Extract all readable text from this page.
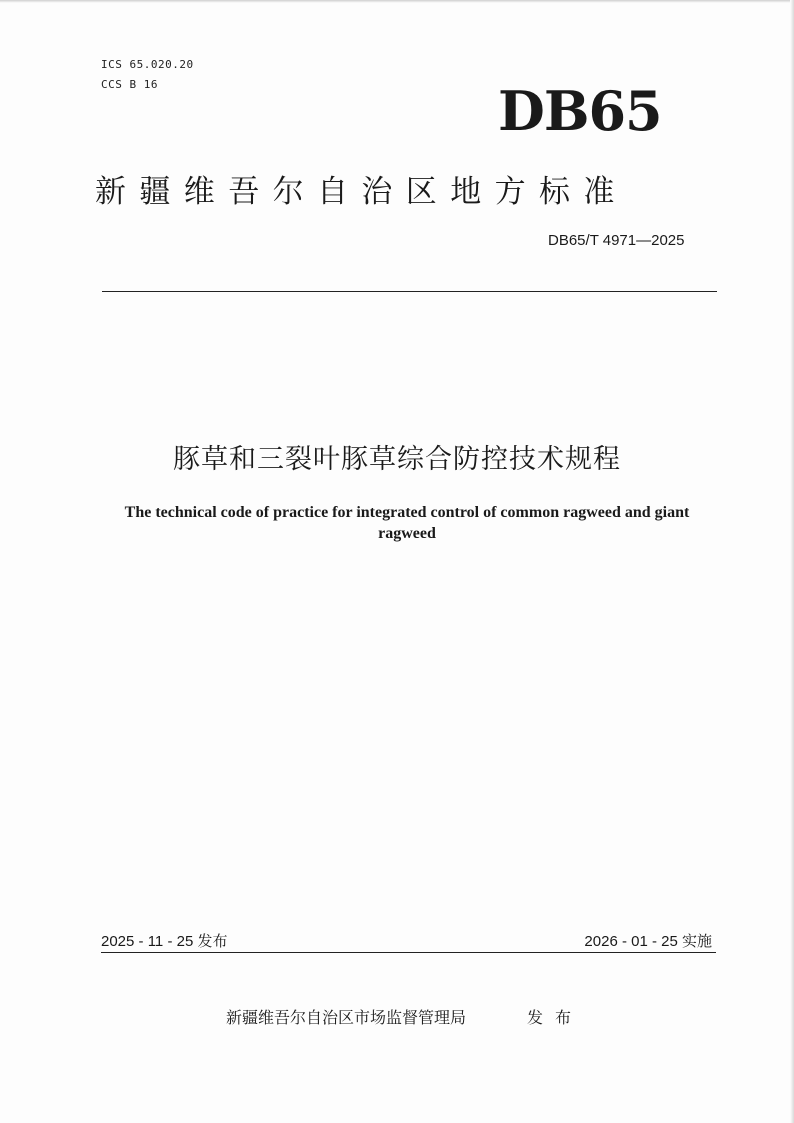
ICS 65.020.20
CCS B 16	DB65
新疆维吾尔自治区地方标准
DB65/T 4971—2025
豚草和三裂叶豚草综合防控技术规程
The technical code of practice for integrated control of common ragweed and giant ragweed
2025 - 11 - 25 发布	2026 - 01 - 25 实施
新疆维吾尔自治区市场监督管理局	发布
